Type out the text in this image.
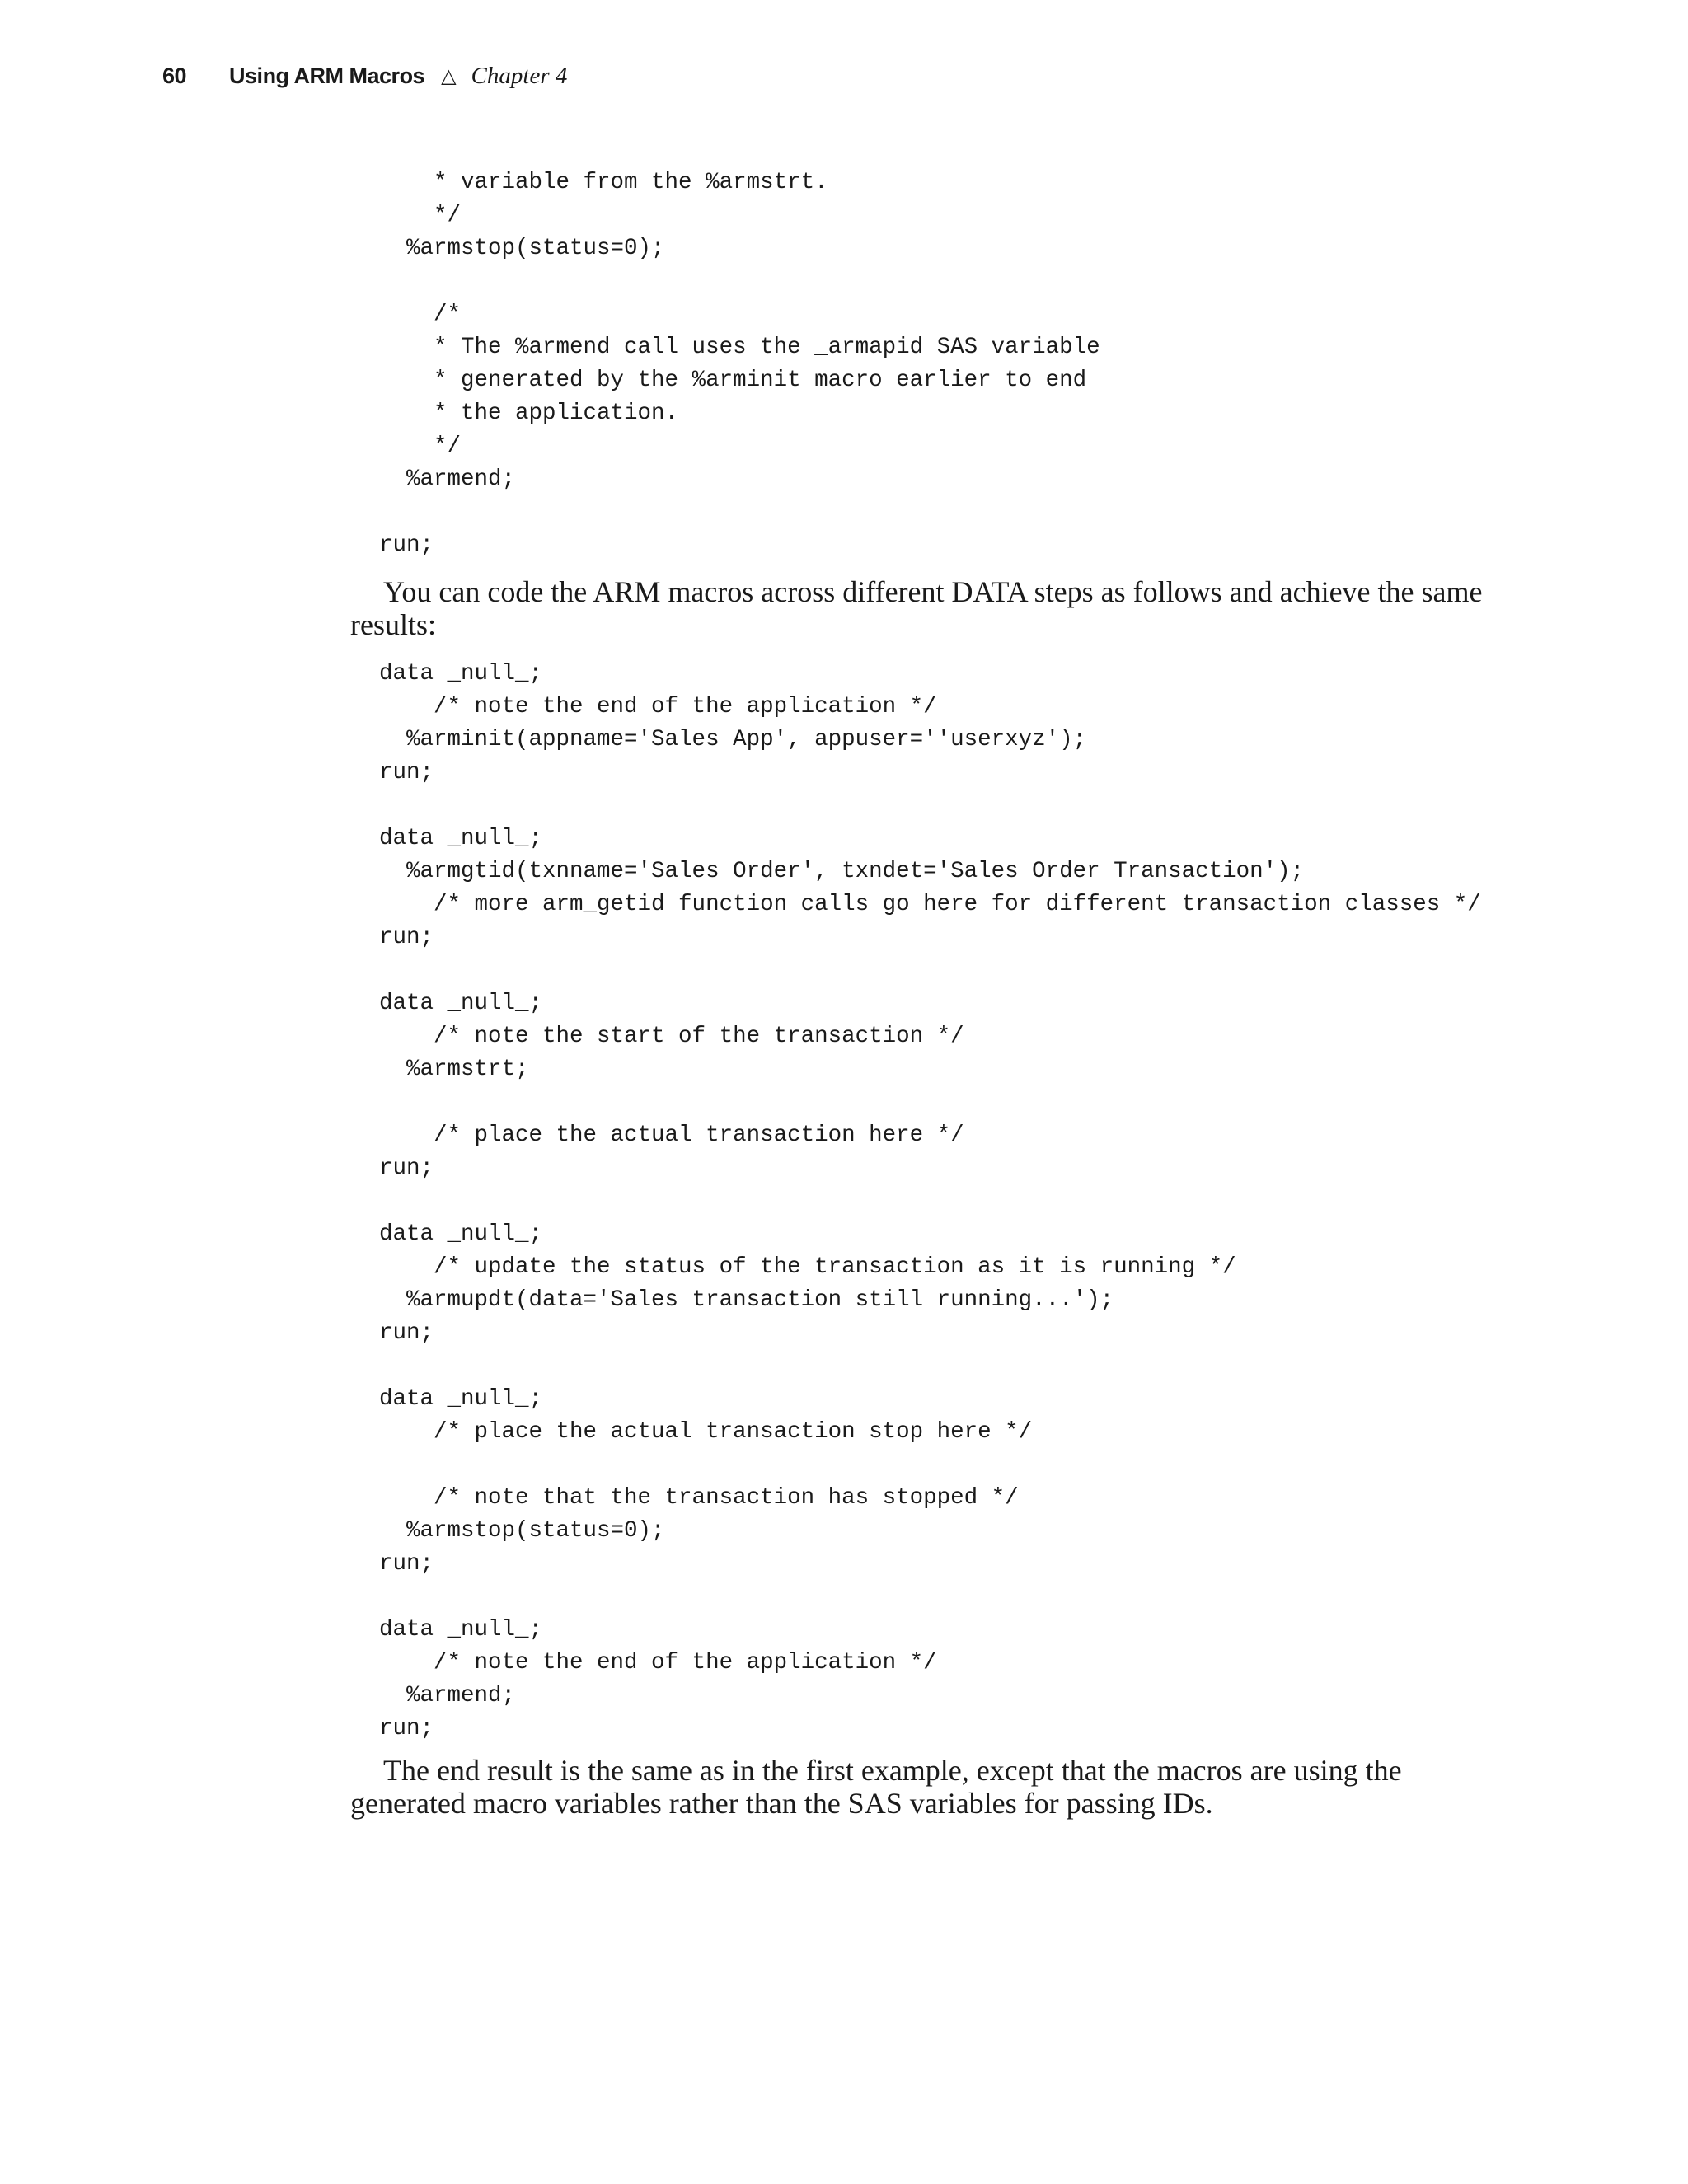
60 Using ARM Macros △ Chapter 4
* variable from the %armstrt.
*/
%armstop(status=0);

/*
* The %armend call uses the _armapid SAS variable
* generated by the %arminit macro earlier to end
* the application.
*/
%armend;

run;

You can code the ARM macros across different DATA steps as follows and achieve the same results:

data _null_;
/* note the end of the application */
%arminit(appname='Sales App', appuser=''userxyz');
run;

data _null_;
%armgtid(txnname='Sales Order', txndet='Sales Order Transaction');
/* more arm_getid function calls go here for different transaction classes */
run;

data _null_;
/* note the start of the transaction */
%armstrt;

/* place the actual transaction here */
run;

data _null_;
/* update the status of the transaction as it is running */
%armupdt(data='Sales transaction still running...');
run;

data _null_;
/* place the actual transaction stop here */

/* note that the transaction has stopped */
%armstop(status=0);
run;

data _null_;
/* note the end of the application */
%armend;
run;

The end result is the same as in the first example, except that the macros are using the generated macro variables rather than the SAS variables for passing IDs.
